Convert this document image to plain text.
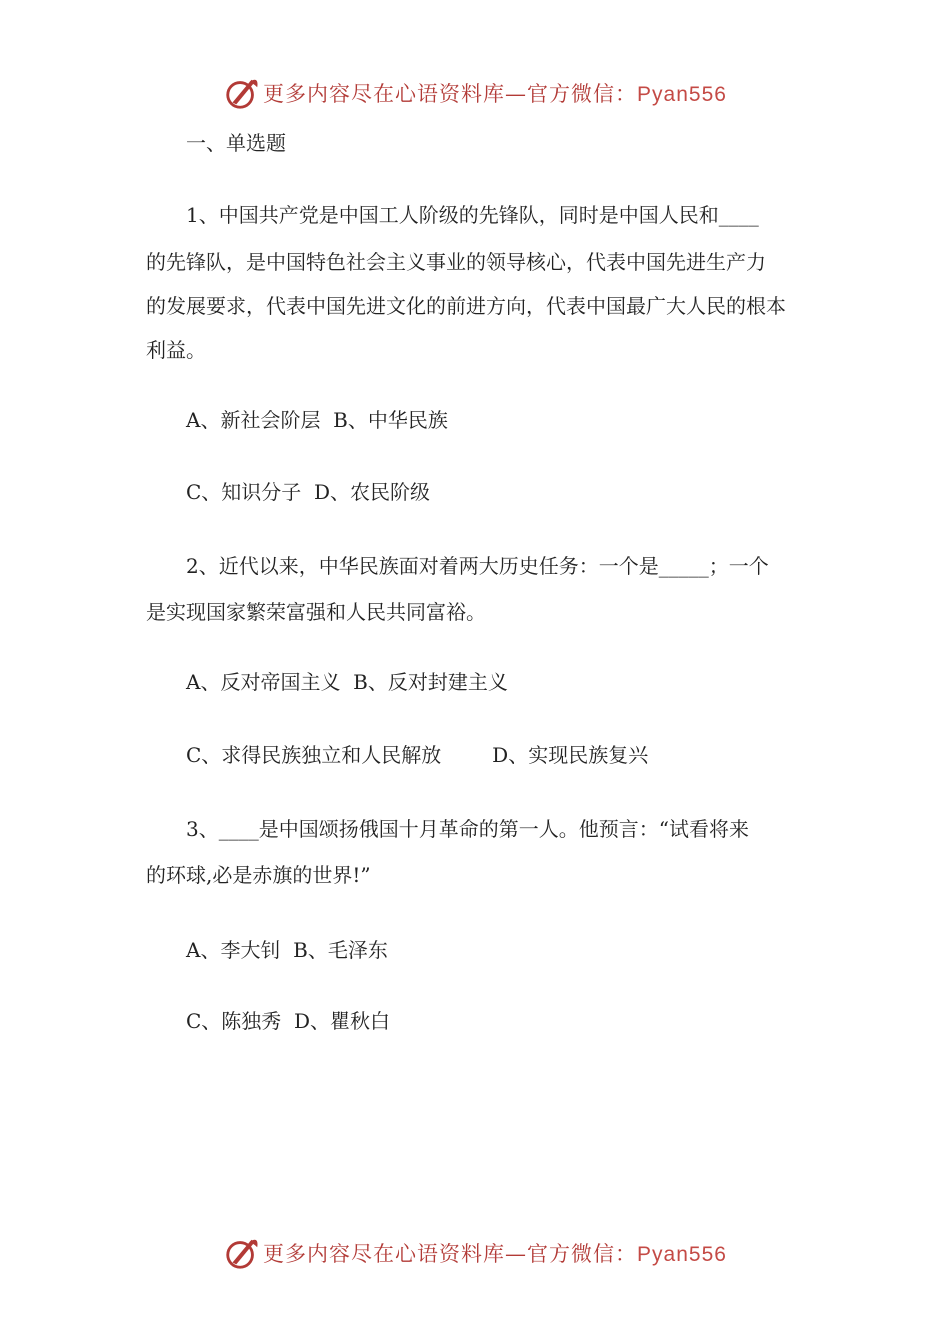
更多内容尽在心语资料库—官方微信：Pyan556
一、单选题
1、中国共产党是中国工人阶级的先锋队，同时是中国人民和____
的先锋队，是中国特色社会主义事业的领导核心，代表中国先进生产力
的发展要求，代表中国先进文化的前进方向，代表中国最广大人民的根本
利益。
A、新社会阶层  B、中华民族
C、知识分子  D、农民阶级
2、近代以来，中华民族面对着两大历史任务：一个是_____；一个
是实现国家繁荣富强和人民共同富裕。
A、反对帝国主义  B、反对封建主义
C、求得民族独立和人民解放        D、实现民族复兴
3、____是中国颂扬俄国十月革命的第一人。他预言：“试看将来
的环球,必是赤旗的世界!”
A、李大钊  B、毛泽东
C、陈独秀  D、瞿秋白
更多内容尽在心语资料库—官方微信：Pyan556
